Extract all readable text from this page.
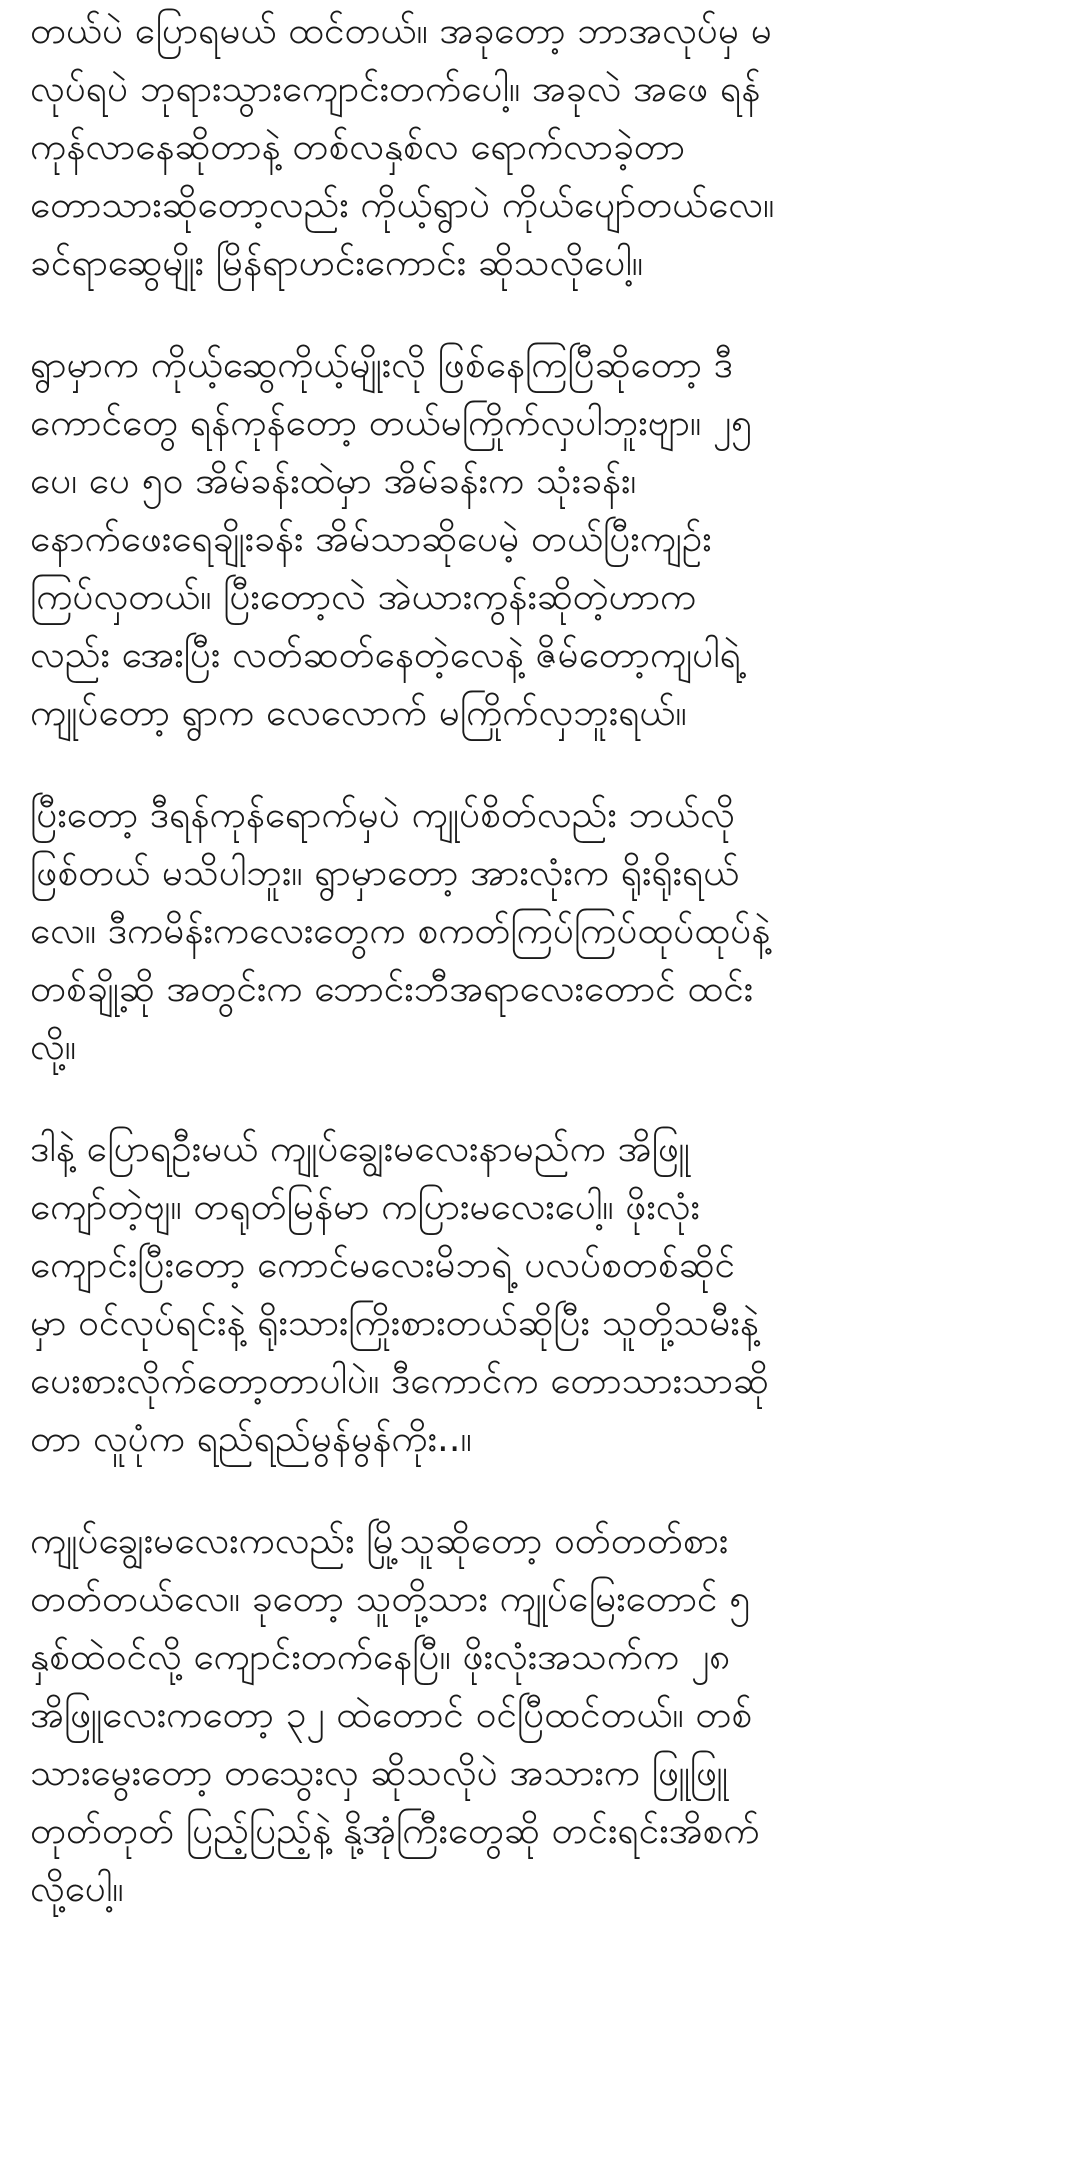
တယ်ပဲ ပြောရမယ် ထင်တယ်။ အခုတော့ ဘာအလုပ်မှ မ
လုပ်ရပဲ ဘုရားသွားကျောင်းတက်ပေါ့။ အခုလဲ အဖေ ရန်
ကုန်လာနေဆိုတာနဲ့ တစ်လနှစ်လ ရောက်လာခဲ့တာ
တောသားဆိုတော့လည်း ကိုယ့်ရွာပဲ ကိုယ်ပျော်တယ်လေ။
ခင်ရာဆွေမျိုး မြိန်ရာဟင်းကောင်း ဆိုသလိုပေါ့။
ရွာမှာက ကိုယ့်ဆွေကိုယ့်မျိုးလို ဖြစ်နေကြပြီဆိုတော့ ဒီ
ကောင်တွေ ရန်ကုန်တော့ တယ်မကြိုက်လှပါဘူးဗျာ။ ၂၅
ပေ၊ ပေ ၅၀ အိမ်ခန်းထဲမှာ အိမ်ခန်းက သုံးခန်း၊
နောက်ဖေးရေချိုးခန်း အိမ်သာဆိုပေမဲ့ တယ်ပြီးကျဉ်း
ကြပ်လှတယ်။ ပြီးတော့လဲ အဲယားကွန်းဆိုတဲ့ဟာက
လည်း အေးပြီး လတ်ဆတ်နေတဲ့လေနဲ့ ဇိမ်တော့ကျပါရဲ့
ကျုပ်တော့ ရွာက လေလောက် မကြိုက်လှဘူးရယ်။
ပြီးတော့ ဒီရန်ကုန်ရောက်မှပဲ ကျုပ်စိတ်လည်း ဘယ်လို
ဖြစ်တယ် မသိပါဘူး။ ရွာမှာတော့ အားလုံးက ရိုးရိုးရယ်
လေ။ ဒီကမိန်းကလေးတွေက စကတ်ကြပ်ကြပ်ထုပ်ထုပ်နဲ့
တစ်ချို့ဆို အတွင်းက ဘောင်းဘီအရာလေးတောင် ထင်း
လို့။
ဒါနဲ့ ပြောရဦးမယ် ကျုပ်ချွေးမလေးနာမည်က အိဖြူ
ကျော်တဲ့ဗျ။ တရုတ်မြန်မာ ကပြားမလေးပေါ့။ ဖိုးလုံး
ကျောင်းပြီးတော့ ကောင်မလေးမိဘရဲ့ ပလပ်စတစ်ဆိုင်
မှာ ဝင်လုပ်ရင်းနဲ့ ရိုးသားကြိုးစားတယ်ဆိုပြီး သူတို့သမီးနဲ့
ပေးစားလိုက်တော့တာပါပဲ။ ဒီကောင်က တောသားသာဆို
တာ လူပုံက ရည်ရည်မွန်မွန်ကိုး..။
ကျုပ်ချွေးမလေးကလည်း မြို့သူဆိုတော့ ဝတ်တတ်စား
တတ်တယ်လေ။ ခုတော့ သူတို့သား ကျုပ်မြေးတောင် ၅
နှစ်ထဲဝင်လို့ ကျောင်းတက်နေပြီ။ ဖိုးလုံးအသက်က ၂၈
အိဖြူလေးကတော့ ၃၂ ထဲတောင် ဝင်ပြီထင်တယ်။ တစ်
သားမွေးတော့ တသွေးလှ ဆိုသလိုပဲ အသားက ဖြူဖြူ
တုတ်တုတ် ပြည့်ပြည့်နဲ့ နို့အုံကြီးတွေဆို တင်းရင်းအိစက်
လို့ပေါ့။
